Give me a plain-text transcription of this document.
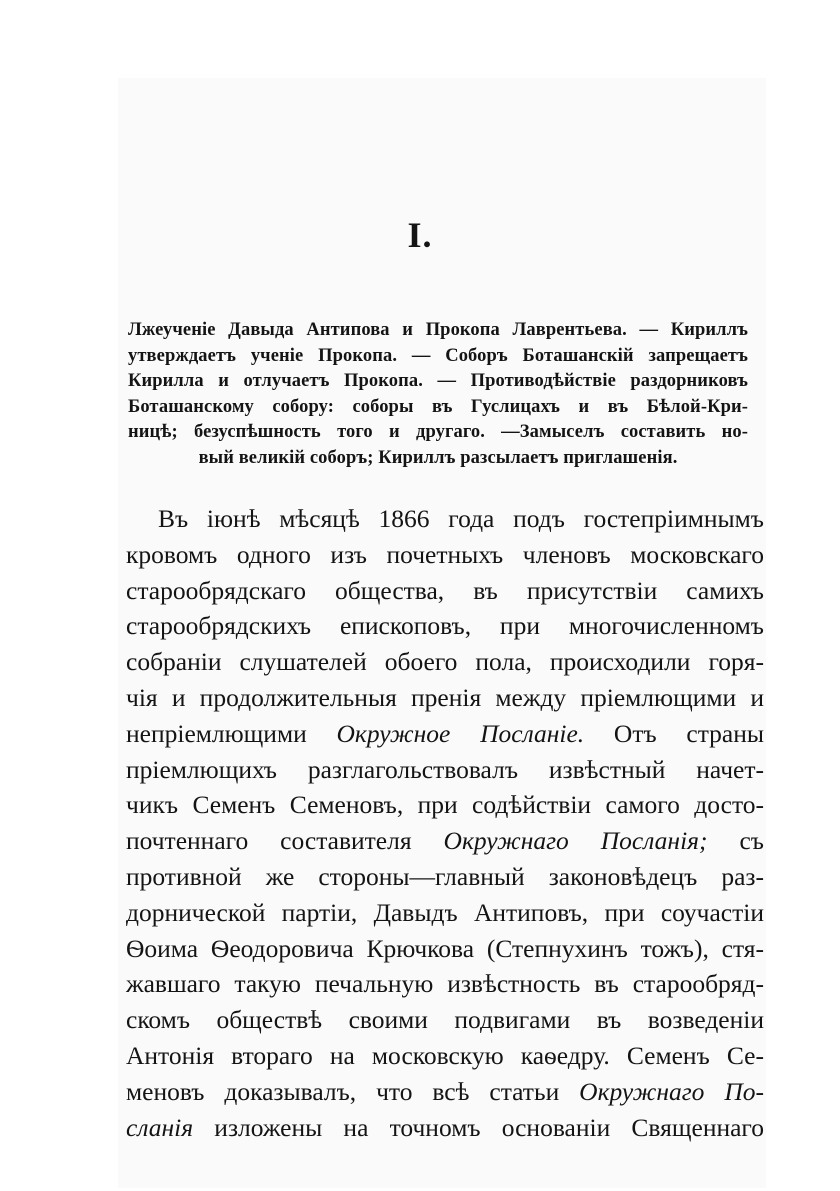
I.
Лжеученіе Давыда Антипова и Прокопа Лаврентьева. — Кириллъ
утверждаетъ ученіе Прокопа. — Соборъ Боташанскій запрещаетъ
Кирилла и отлучаетъ Прокопа. — Противодѣйствіе раздорниковъ
Боташанскому собору: соборы въ Гуслицахъ и въ Бѣлой-Кри-
ницѣ; безуспѣшность того и другаго. —Замыселъ составить но-
вый великій соборъ; Кириллъ разсылаетъ приглашенія.
Въ іюнѣ мѣсяцѣ 1866 года подъ гостепріимнымъ
кровомъ одного изъ почетныхъ членовъ московскаго
старообрядскаго общества, въ присутствіи самихъ
старообрядскихъ епископовъ, при многочисленномъ
собраніи слушателей обоего пола, происходили горя-
чія и продолжительныя пренія между пріемлющими и
непріемлющими Окружное Посланіе. Отъ страны
пріемлющихъ разглагольствовалъ извѣстный начет-
чикъ Семенъ Семеновъ, при содѣйствіи самого досто-
почтеннаго составителя Окружнаго Посланія; съ
противной же стороны—главный законовѣдецъ раз-
дорнической партіи, Давыдъ Антиповъ, при соучастіи
Ѳоима Ѳеодоровича Крючкова (Степнухинъ тожъ), стя-
жавшаго такую печальную извѣстность въ старообряд-
скомъ обществѣ своими подвигами въ возведеніи
Антонія втораго на московскую каѳедру. Семенъ Се-
меновъ доказывалъ, что всѣ статьи Окружнаго По-
сланія изложены на точномъ основаніи Священнаго
